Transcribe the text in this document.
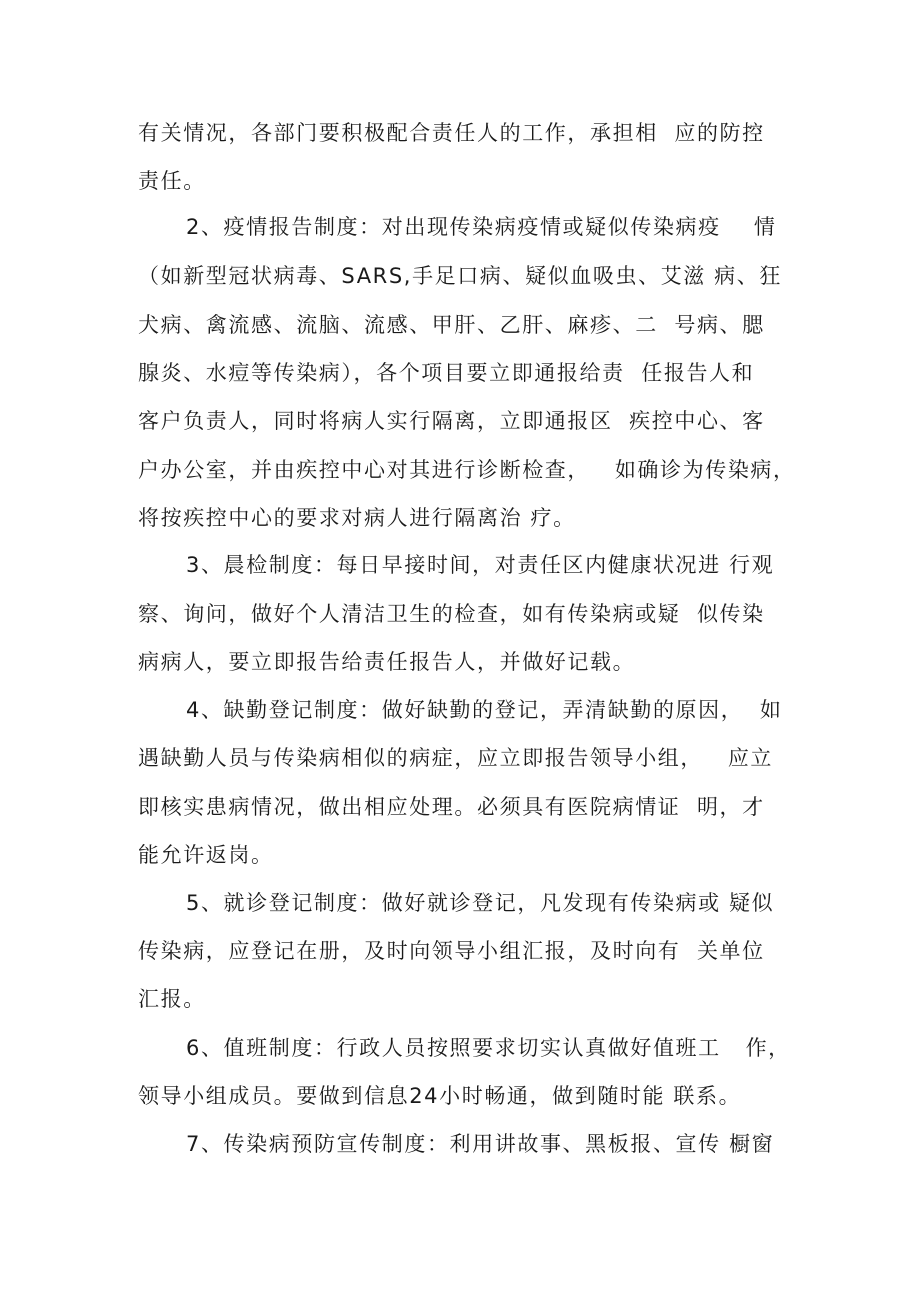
有关情况，各部门要积极配合责任人的工作，承担相  应的防控
责任。
2、疫情报告制度：对出现传染病疫情或疑似传染病疫    情
（如新型冠状病毒、SARS,手足口病、疑似血吸虫、艾滋 病、狂
犬病、禽流感、流脑、流感、甲肝、乙肝、麻疹、二  号病、腮
腺炎、水痘等传染病），各个项目要立即通报给责  任报告人和
客户负责人，同时将病人实行隔离，立即通报区  疾控中心、客
户办公室，并由疾控中心对其进行诊断检查，   如确诊为传染病，
将按疾控中心的要求对病人进行隔离治 疗。
3、晨检制度：每日早接时间，对责任区内健康状况进 行观
察、询问，做好个人清洁卫生的检查，如有传染病或疑  似传染
病病人，要立即报告给责任报告人，并做好记载。
4、缺勤登记制度：做好缺勤的登记，弄清缺勤的原因，  如
遇缺勤人员与传染病相似的病症，应立即报告领导小组，   应立
即核实患病情况，做出相应处理。必须具有医院病情证  明，才
能允许返岗。
5、就诊登记制度：做好就诊登记，凡发现有传染病或 疑似
传染病，应登记在册，及时向领导小组汇报，及时向有  关单位
汇报。
6、值班制度：行政人员按照要求切实认真做好值班工   作，
领导小组成员。要做到信息24小时畅通，做到随时能 联系。
7、传染病预防宣传制度：利用讲故事、黑板报、宣传 橱窗
